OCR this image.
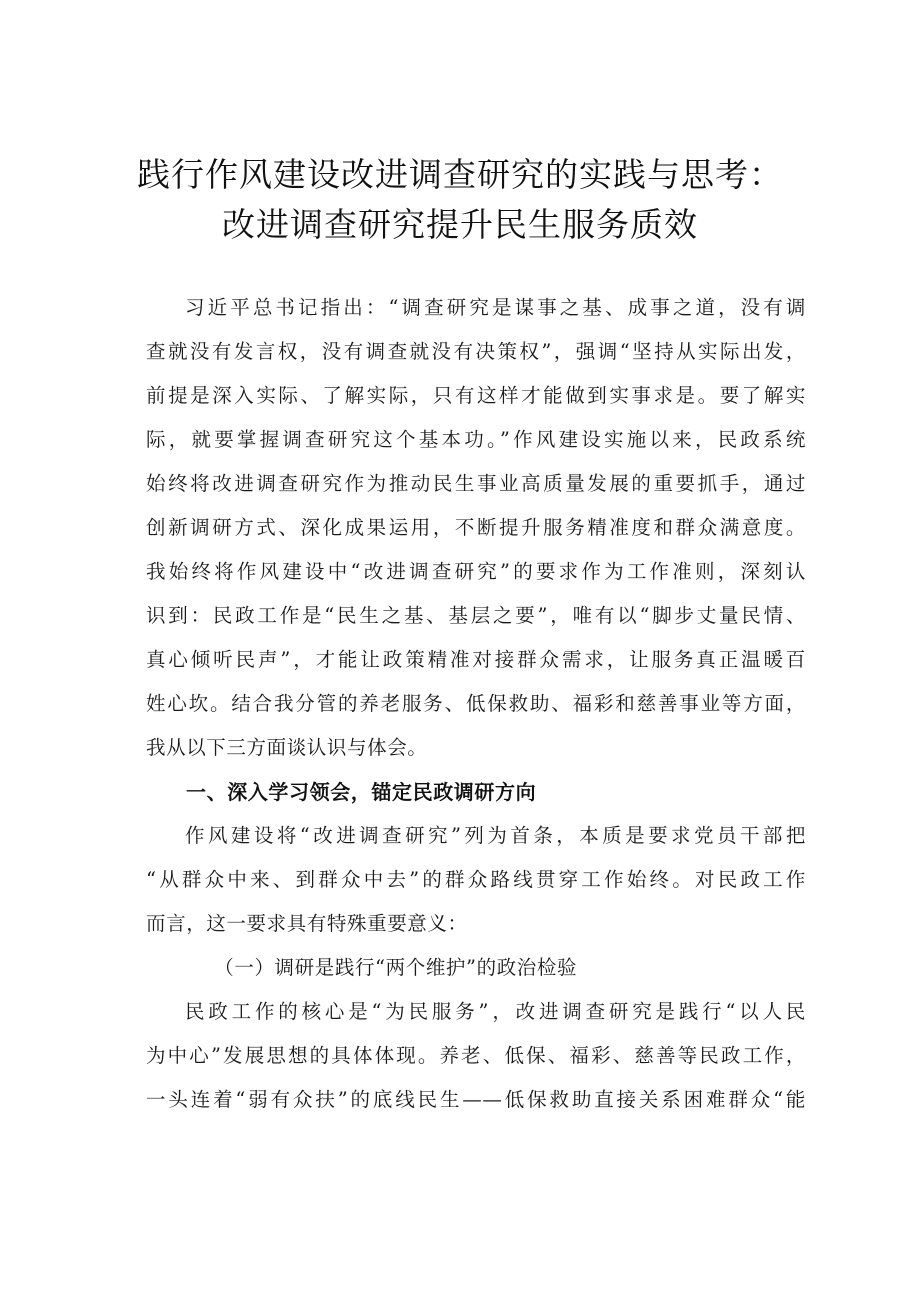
践行作风建设改进调查研究的实践与思考：
改进调查研究提升民生服务质效
习近平总书记指出：“调查研究是谋事之基、成事之道，没有调
查就没有发言权，没有调查就没有决策权”，强调“坚持从实际出发，
前提是深入实际、了解实际，只有这样才能做到实事求是。要了解实
际，就要掌握调查研究这个基本功。”作风建设实施以来，民政系统
始终将改进调查研究作为推动民生事业高质量发展的重要抓手，通过
创新调研方式、深化成果运用，不断提升服务精准度和群众满意度。
我始终将作风建设中“改进调查研究”的要求作为工作准则，深刻认
识到：民政工作是“民生之基、基层之要”，唯有以“脚步丈量民情、
真心倾听民声”，才能让政策精准对接群众需求，让服务真正温暖百
姓心坎。结合我分管的养老服务、低保救助、福彩和慈善事业等方面，
我从以下三方面谈认识与体会。
一、深入学习领会，锚定民政调研方向
作风建设将“改进调查研究”列为首条，本质是要求党员干部把
“从群众中来、到群众中去”的群众路线贯穿工作始终。对民政工作
而言，这一要求具有特殊重要意义：
（一）调研是践行“两个维护”的政治检验
民政工作的核心是“为民服务”，改进调查研究是践行“以人民
为中心”发展思想的具体体现。养老、低保、福彩、慈善等民政工作，
一头连着“弱有众扶”的底线民生——低保救助直接关系困难群众“能
